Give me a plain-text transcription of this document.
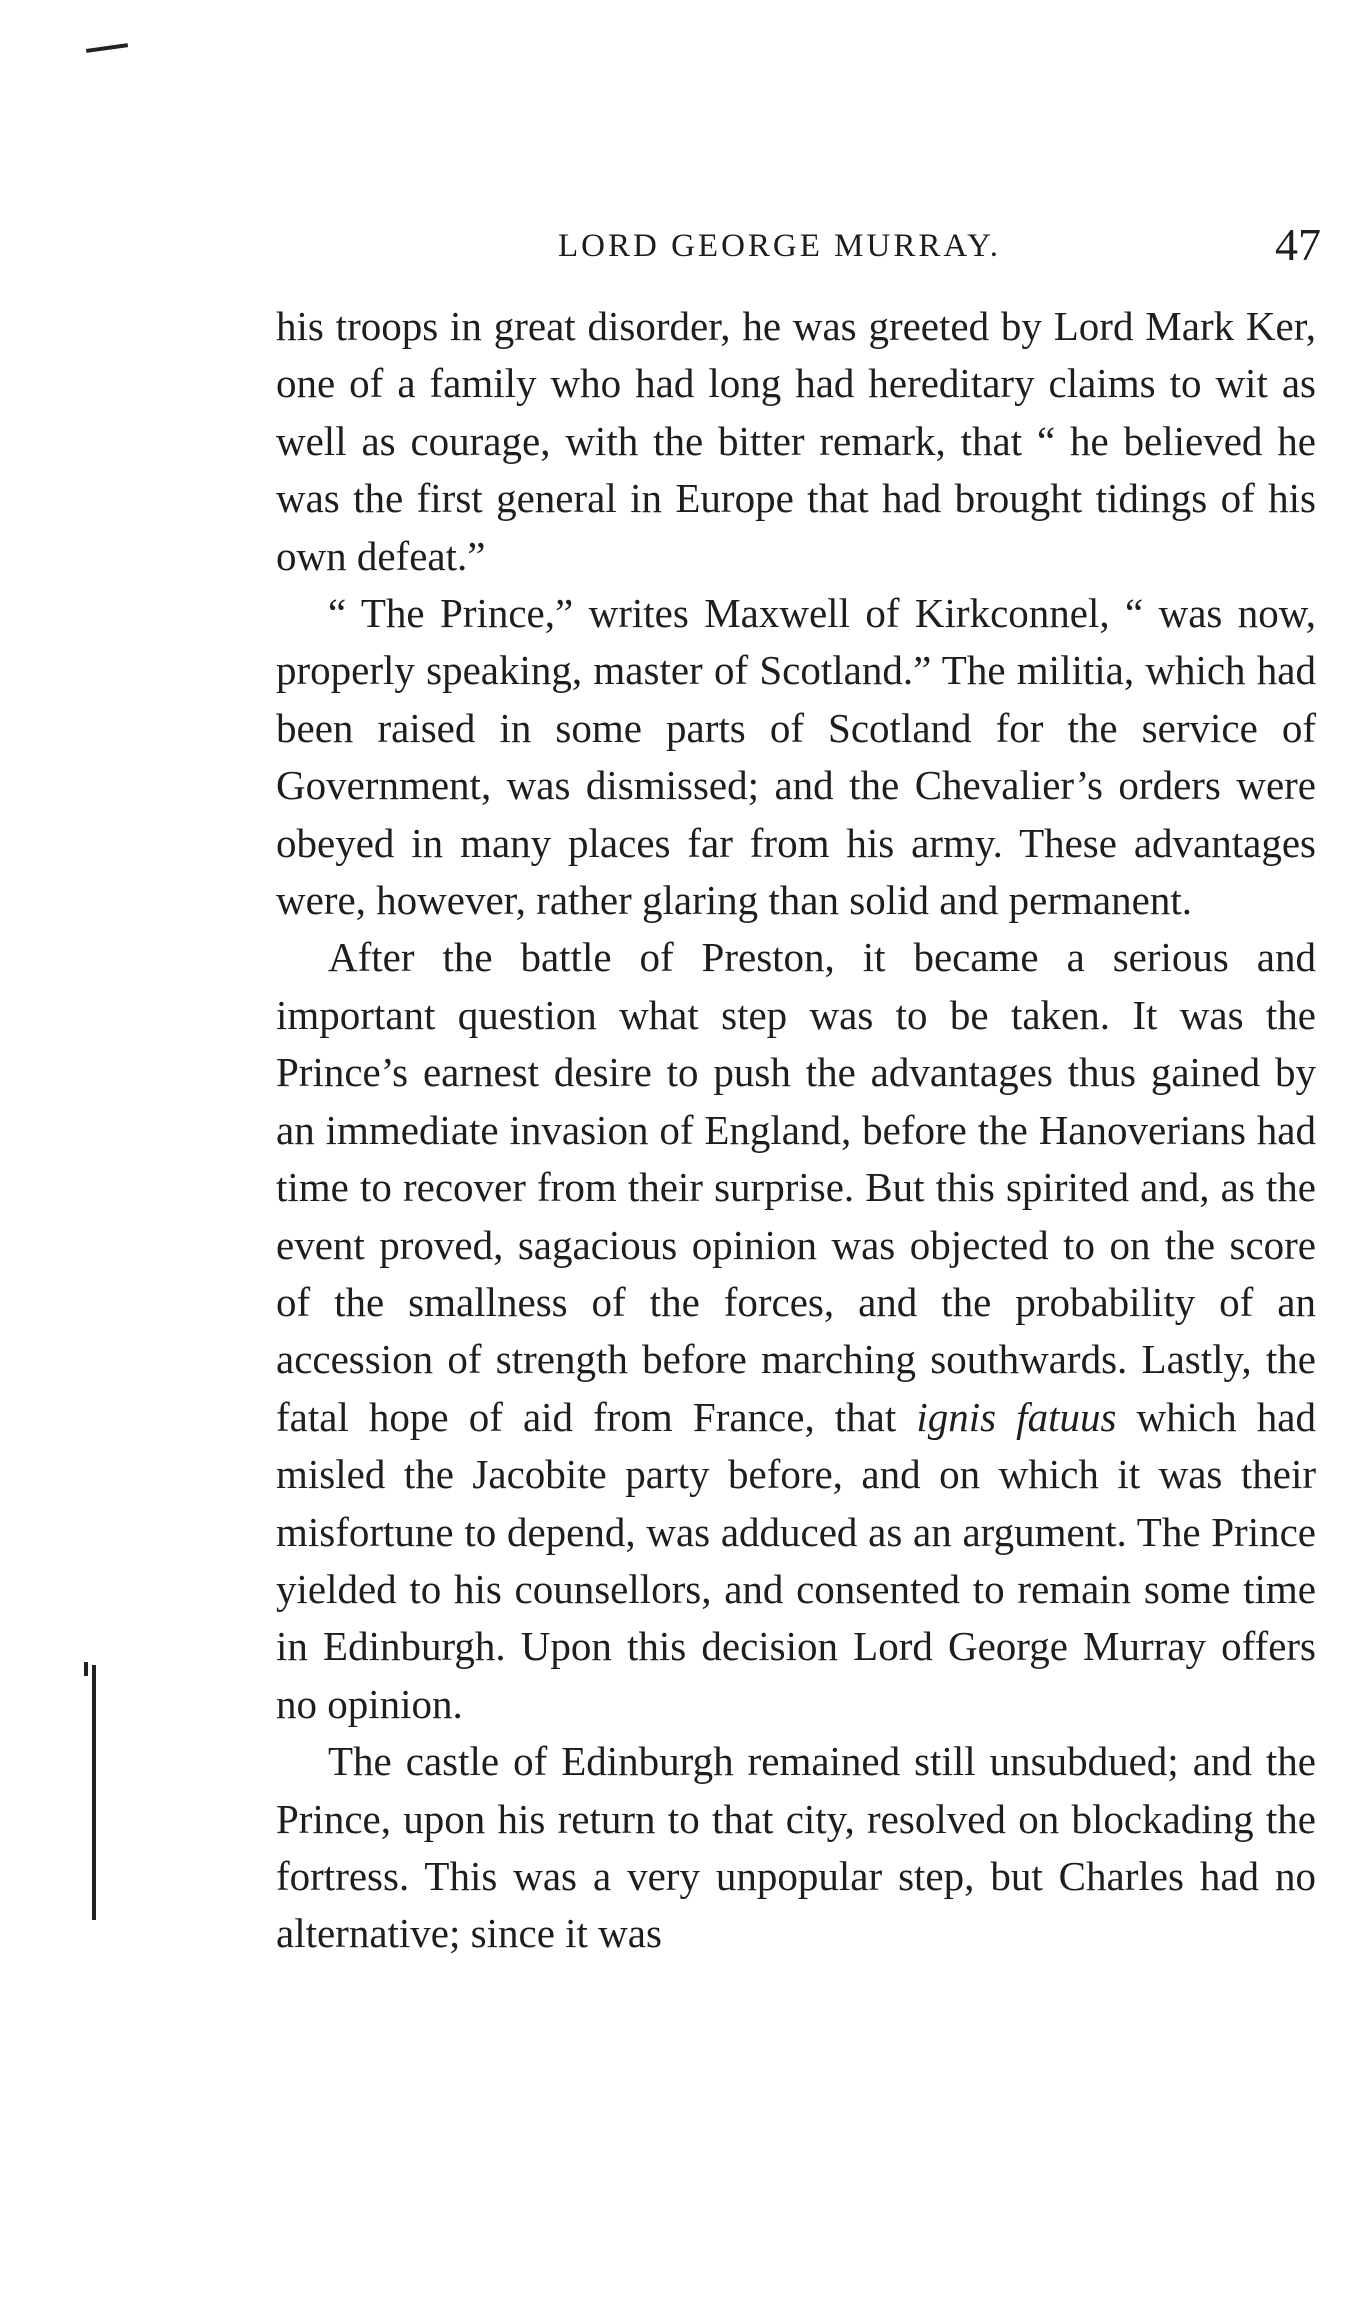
LORD GEORGE MURRAY.	47

his troops in great disorder, he was greeted by Lord Mark Ker, one of a family who had long had hereditary claims to wit as well as courage, with the bitter remark, that “ he believed he was the first general in Europe that had brought tidings of his own defeat.”

“ The Prince,” writes Maxwell of Kirkconnel, “ was now, properly speaking, master of Scotland.” The militia, which had been raised in some parts of Scotland for the service of Government, was dismissed; and the Chevalier’s orders were obeyed in many places far from his army. These advantages were, however, rather glaring than solid and permanent.

After the battle of Preston, it became a serious and important question what step was to be taken. It was the Prince’s earnest desire to push the advantages thus gained by an immediate invasion of England, before the Hanoverians had time to recover from their surprise. But this spirited and, as the event proved, sagacious opinion was objected to on the score of the smallness of the forces, and the probability of an accession of strength before marching southwards. Lastly, the fatal hope of aid from France, that ignis fatuus which had misled the Jacobite party before, and on which it was their misfortune to depend, was adduced as an argument. The Prince yielded to his counsellors, and consented to remain some time in Edinburgh. Upon this decision Lord George Murray offers no opinion.

The castle of Edinburgh remained still unsubdued; and the Prince, upon his return to that city, resolved on blockading the fortress. This was a very unpopular step, but Charles had no alternative; since it was
